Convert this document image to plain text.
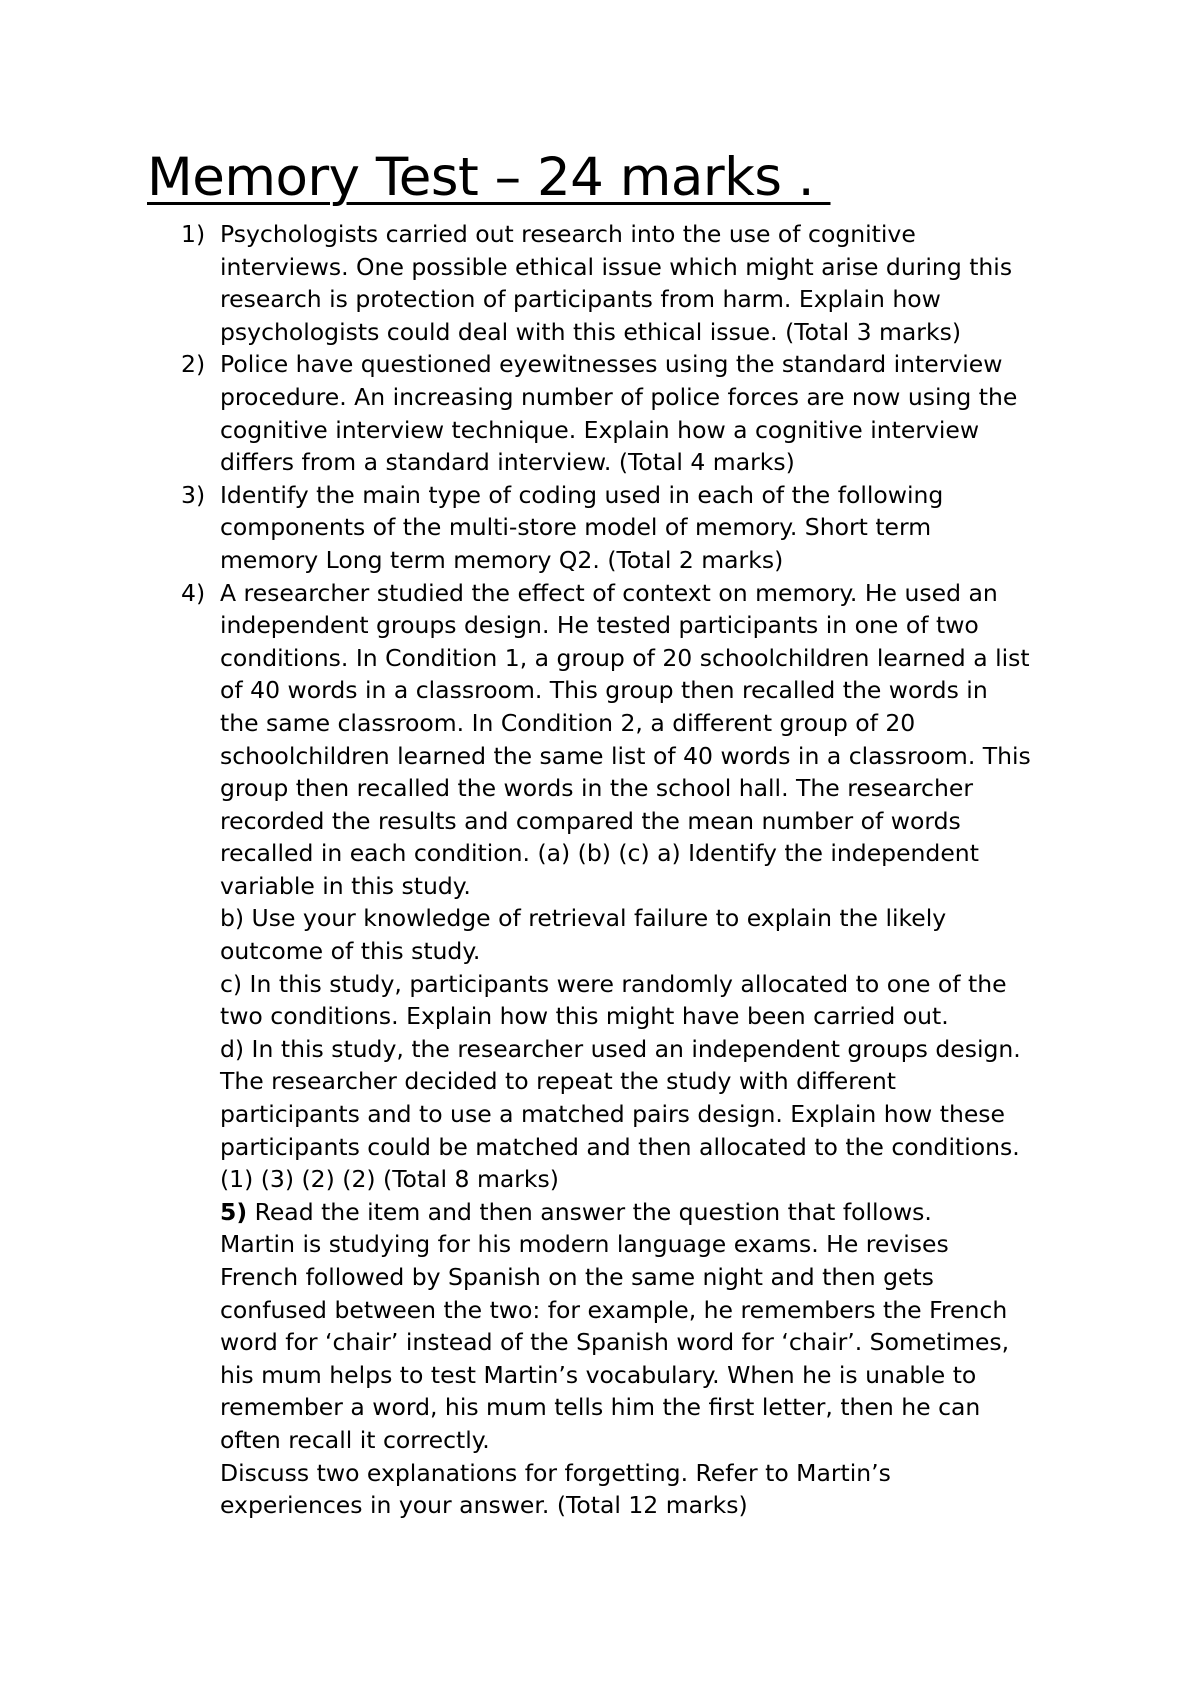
Memory Test – 24 marks .
1) Psychologists carried out research into the use of cognitive
interviews. One possible ethical issue which might arise during this
research is protection of participants from harm. Explain how
psychologists could deal with this ethical issue. (Total 3 marks)
2) Police have questioned eyewitnesses using the standard interview
procedure. An increasing number of police forces are now using the
cognitive interview technique. Explain how a cognitive interview
differs from a standard interview. (Total 4 marks)
3) Identify the main type of coding used in each of the following
components of the multi-store model of memory. Short term
memory Long term memory Q2. (Total 2 marks)
4) A researcher studied the effect of context on memory. He used an
independent groups design. He tested participants in one of two
conditions. In Condition 1, a group of 20 schoolchildren learned a list
of 40 words in a classroom. This group then recalled the words in
the same classroom. In Condition 2, a different group of 20
schoolchildren learned the same list of 40 words in a classroom. This
group then recalled the words in the school hall. The researcher
recorded the results and compared the mean number of words
recalled in each condition. (a) (b) (c) a) Identify the independent
variable in this study.
b) Use your knowledge of retrieval failure to explain the likely
outcome of this study.
c) In this study, participants were randomly allocated to one of the
two conditions. Explain how this might have been carried out.
d) In this study, the researcher used an independent groups design.
The researcher decided to repeat the study with different
participants and to use a matched pairs design. Explain how these
participants could be matched and then allocated to the conditions.
(1) (3) (2) (2) (Total 8 marks)
5) Read the item and then answer the question that follows.
Martin is studying for his modern language exams. He revises
French followed by Spanish on the same night and then gets
confused between the two: for example, he remembers the French
word for ‘chair’ instead of the Spanish word for ‘chair’. Sometimes,
his mum helps to test Martin’s vocabulary. When he is unable to
remember a word, his mum tells him the first letter, then he can
often recall it correctly.
Discuss two explanations for forgetting. Refer to Martin’s
experiences in your answer. (Total 12 marks)
